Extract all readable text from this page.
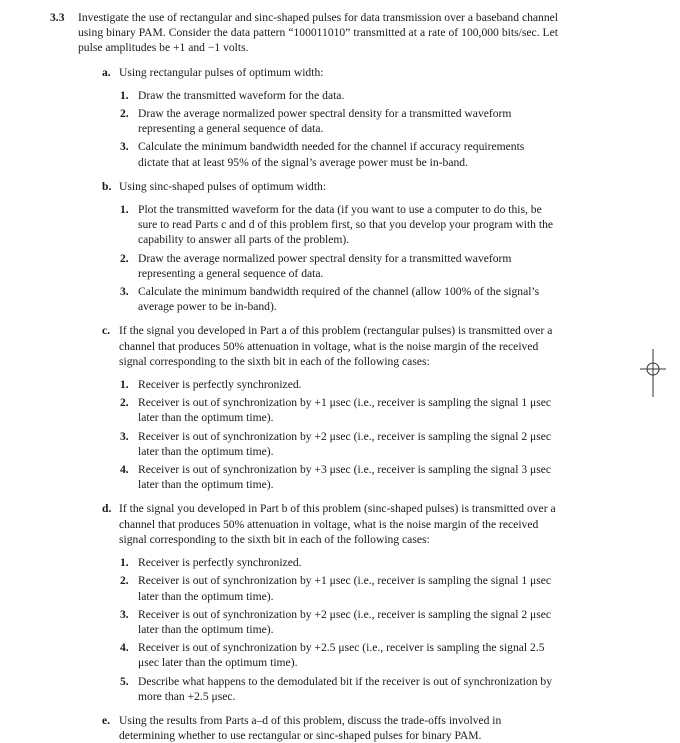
3.3 Investigate the use of rectangular and sinc-shaped pulses for data transmission over a baseband channel using binary PAM. Consider the data pattern “100011010” transmitted at a rate of 100,000 bits/sec. Let pulse amplitudes be +1 and −1 volts.

a. Using rectangular pulses of optimum width:

1. Draw the transmitted waveform for the data.

2. Draw the average normalized power spectral density for a transmitted waveform representing a general sequence of data.

3. Calculate the minimum bandwidth needed for the channel if accuracy requirements dictate that at least 95% of the signal’s average power must be in-band.

b. Using sinc-shaped pulses of optimum width:

1. Plot the transmitted waveform for the data (if you want to use a computer to do this, be sure to read Parts c and d of this problem first, so that you develop your program with the capability to answer all parts of the problem).

2. Draw the average normalized power spectral density for a transmitted waveform representing a general sequence of data.

3. Calculate the minimum bandwidth required of the channel (allow 100% of the signal’s average power to be in-band).

c. If the signal you developed in Part a of this problem (rectangular pulses) is transmitted over a channel that produces 50% attenuation in voltage, what is the noise margin of the received signal corresponding to the sixth bit in each of the following cases:

1. Receiver is perfectly synchronized.

2. Receiver is out of synchronization by +1 μsec (i.e., receiver is sampling the signal 1 μsec later than the optimum time).

3. Receiver is out of synchronization by +2 μsec (i.e., receiver is sampling the signal 2 μsec later than the optimum time).

4. Receiver is out of synchronization by +3 μsec (i.e., receiver is sampling the signal 3 μsec later than the optimum time).

d. If the signal you developed in Part b of this problem (sinc-shaped pulses) is transmitted over a channel that produces 50% attenuation in voltage, what is the noise margin of the received signal corresponding to the sixth bit in each of the following cases:

1. Receiver is perfectly synchronized.

2. Receiver is out of synchronization by +1 μsec (i.e., receiver is sampling the signal 1 μsec later than the optimum time).

3. Receiver is out of synchronization by +2 μsec (i.e., receiver is sampling the signal 2 μsec later than the optimum time).

4. Receiver is out of synchronization by +2.5 μsec (i.e., receiver is sampling the signal 2.5 μsec later than the optimum time).

5. Describe what happens to the demodulated bit if the receiver is out of synchronization by more than +2.5 μsec.

e. Using the results from Parts a–d of this problem, discuss the trade-offs involved in determining whether to use rectangular or sinc-shaped pulses for binary PAM.
